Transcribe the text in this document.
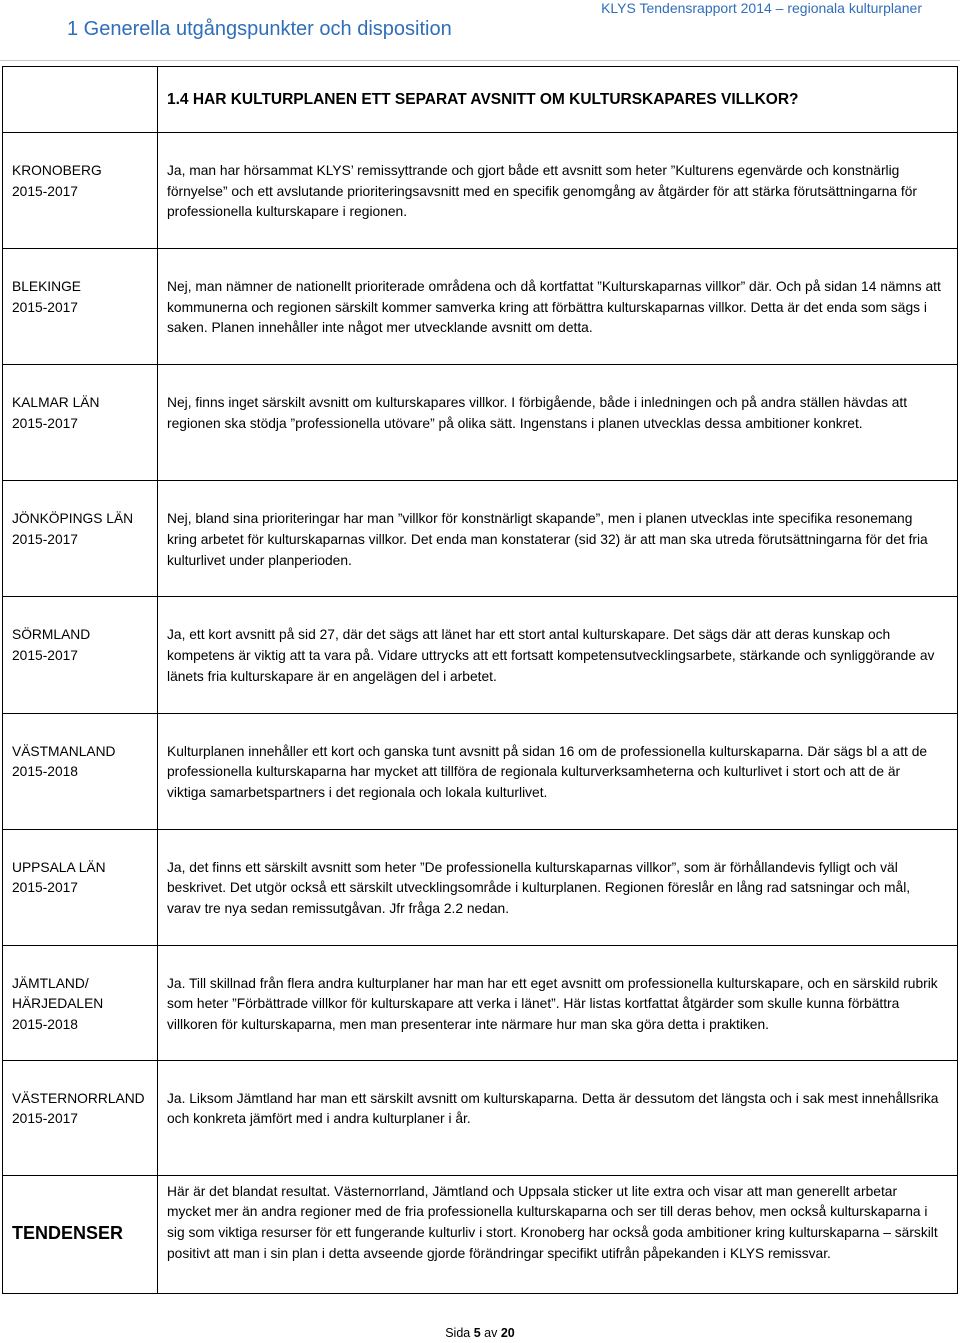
1 Generella utgångspunkter och disposition
KLYS Tendensrapport 2014 – regionala kulturplaner

	1.4 HAR KULTURPLANEN ETT SEPARAT AVSNITT OM KULTURSKAPARES VILLKOR?

KRONOBERG
2015-2017	Ja, man har hörsammat KLYS’ remissyttrande och gjort både ett avsnitt som heter ”Kulturens egenvärde och konstnärlig förnyelse” och ett avslutande prioriteringsavsnitt med en specifik genomgång av åtgärder för att stärka förutsättningarna för professionella kulturskapare i regionen.

BLEKINGE
2015-2017	Nej, man nämner de nationellt prioriterade områdena och då kortfattat ”Kulturskaparnas villkor” där. Och på sidan 14 nämns att kommunerna och regionen särskilt kommer samverka kring att förbättra kulturskaparnas villkor. Detta är det enda som sägs i saken. Planen innehåller inte något mer utvecklande avsnitt om detta.

KALMAR LÄN
2015-2017	Nej, finns inget särskilt avsnitt om kulturskapares villkor. I förbigående, både i inledningen och på andra ställen hävdas att regionen ska stödja ”professionella utövare” på olika sätt. Ingenstans i planen utvecklas dessa ambitioner konkret.

JÖNKÖPINGS LÄN
2015-2017	Nej, bland sina prioriteringar har man ”villkor för konstnärligt skapande”, men i planen utvecklas inte specifika resonemang kring arbetet för kulturskaparnas villkor. Det enda man konstaterar (sid 32) är att man ska utreda förutsättningarna för det fria kulturlivet under planperioden.

SÖRMLAND
2015-2017	Ja, ett kort avsnitt på sid 27, där det sägs att länet har ett stort antal kulturskapare. Det sägs där att deras kunskap och kompetens är viktig att ta vara på. Vidare uttrycks att ett fortsatt kompetensutvecklingsarbete, stärkande och synliggörande av länets fria kulturskapare är en angelägen del i arbetet.

VÄSTMANLAND
2015-2018	Kulturplanen innehåller ett kort och ganska tunt avsnitt på sidan 16 om de professionella kulturskaparna. Där sägs bl a att de professionella kulturskaparna har mycket att tillföra de regionala kulturverksamheterna och kulturlivet i stort och att de är viktiga samarbetspartners i det regionala och lokala kulturlivet.

UPPSALA LÄN
2015-2017	Ja, det finns ett särskilt avsnitt som heter ”De professionella kulturskaparnas villkor”, som är förhållandevis fylligt och väl beskrivet. Det utgör också ett särskilt utvecklingsområde i kulturplanen. Regionen föreslår en lång rad satsningar och mål, varav tre nya sedan remissutgåvan. Jfr fråga 2.2 nedan.

JÄMTLAND/ HÄRJEDALEN
2015-2018	Ja. Till skillnad från flera andra kulturplaner har man har ett eget avsnitt om professionella kulturskapare, och en särskild rubrik som heter ”Förbättrade villkor för kulturskapare att verka i länet”. Här listas kortfattat åtgärder som skulle kunna förbättra villkoren för kulturskaparna, men man presenterar inte närmare hur man ska göra detta i praktiken.

VÄSTERNORRLAND
2015-2017	Ja. Liksom Jämtland har man ett särskilt avsnitt om kulturskaparna. Detta är dessutom det längsta och i sak mest innehållsrika och konkreta jämfört med i andra kulturplaner i år.
TENDENSER	Här är det blandat resultat. Västernorrland, Jämtland och Uppsala sticker ut lite extra och visar att man generellt arbetar mycket mer än andra regioner med de fria professionella kulturskaparna och ser till deras behov, men också kulturskaparna i sig som viktiga resurser för ett fungerande kulturliv i stort. Kronoberg har också goda ambitioner kring kulturskaparna – särskilt positivt att man i sin plan i detta avseende gjorde förändringar specifikt utifrån påpekanden i KLYS remissvar.
Sida 5 av 20
